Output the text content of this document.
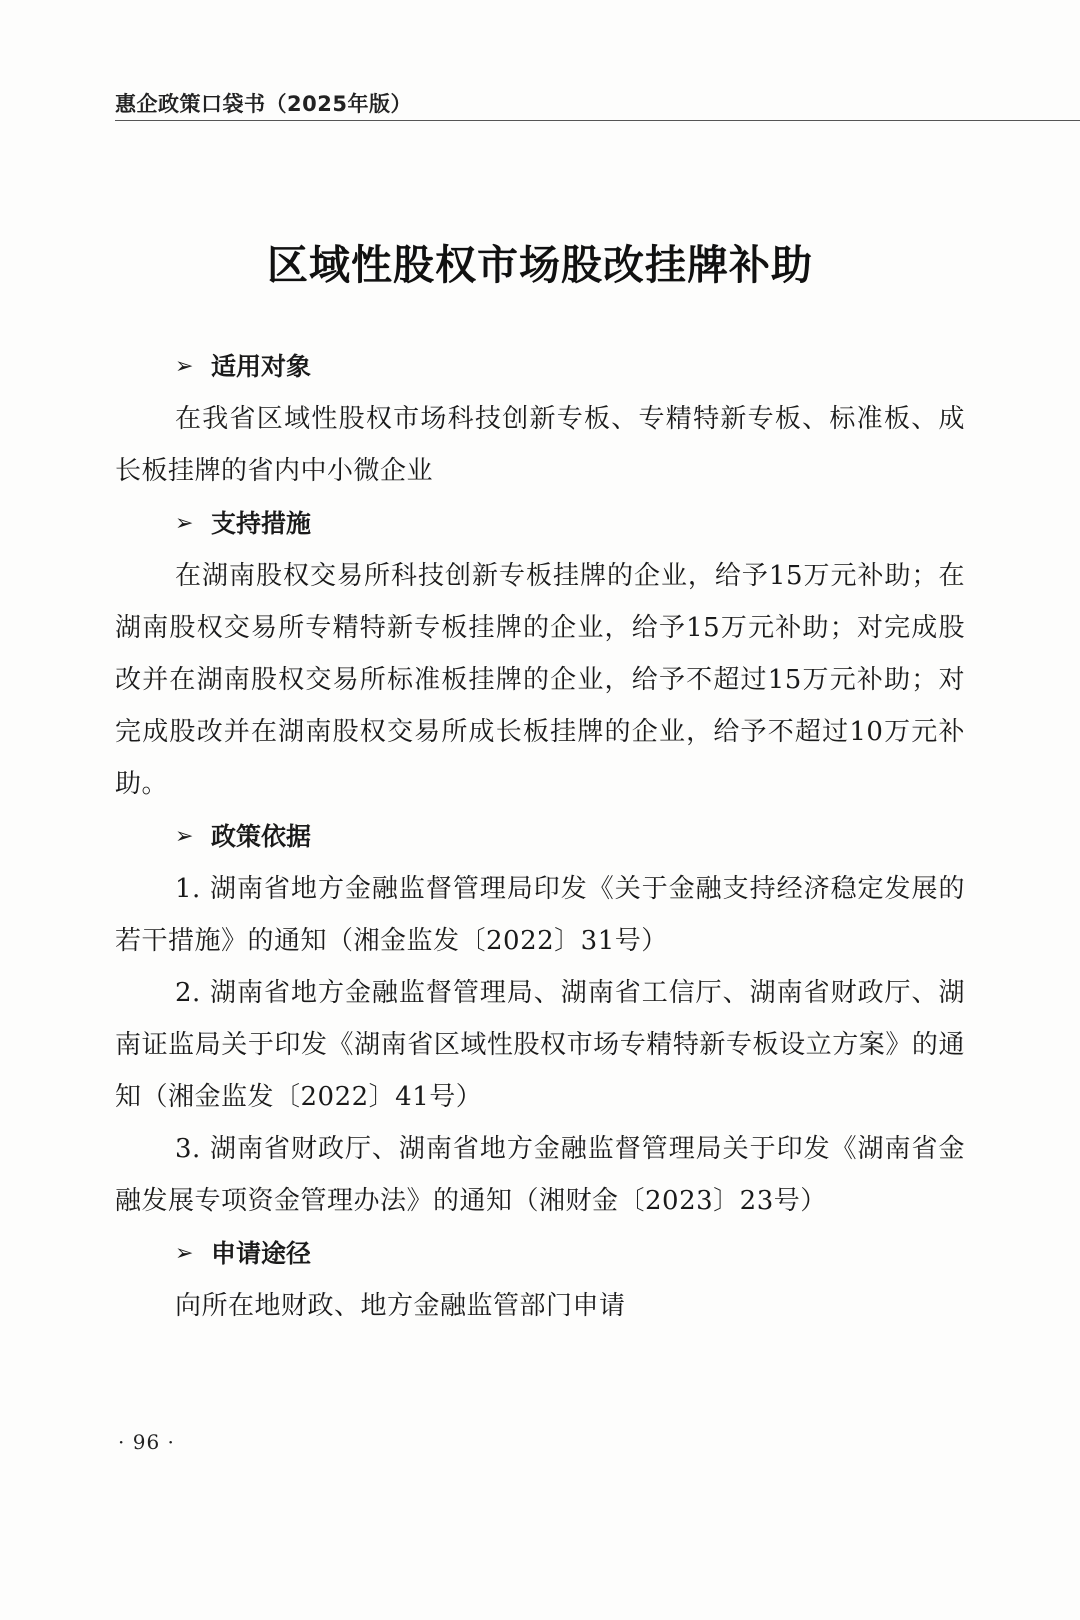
惠企政策口袋书（2025年版）
区域性股权市场股改挂牌补助
➢ 适用对象

在我省区域性股权市场科技创新专板、专精特新专板、标准板、成长板挂牌的省内中小微企业

➢ 支持措施

在湖南股权交易所科技创新专板挂牌的企业，给予15万元补助；在湖南股权交易所专精特新专板挂牌的企业，给予15万元补助；对完成股改并在湖南股权交易所标准板挂牌的企业，给予不超过15万元补助；对完成股改并在湖南股权交易所成长板挂牌的企业，给予不超过10万元补助。

➢ 政策依据

1. 湖南省地方金融监督管理局印发《关于金融支持经济稳定发展的若干措施》的通知（湘金监发〔2022〕31号）

2. 湖南省地方金融监督管理局、湖南省工信厅、湖南省财政厅、湖南证监局关于印发《湖南省区域性股权市场专精特新专板设立方案》的通知（湘金监发〔2022〕41号）

3. 湖南省财政厅、湖南省地方金融监督管理局关于印发《湖南省金融发展专项资金管理办法》的通知（湘财金〔2023〕23号）

➢ 申请途径

向所在地财政、地方金融监管部门申请

· 96 ·
